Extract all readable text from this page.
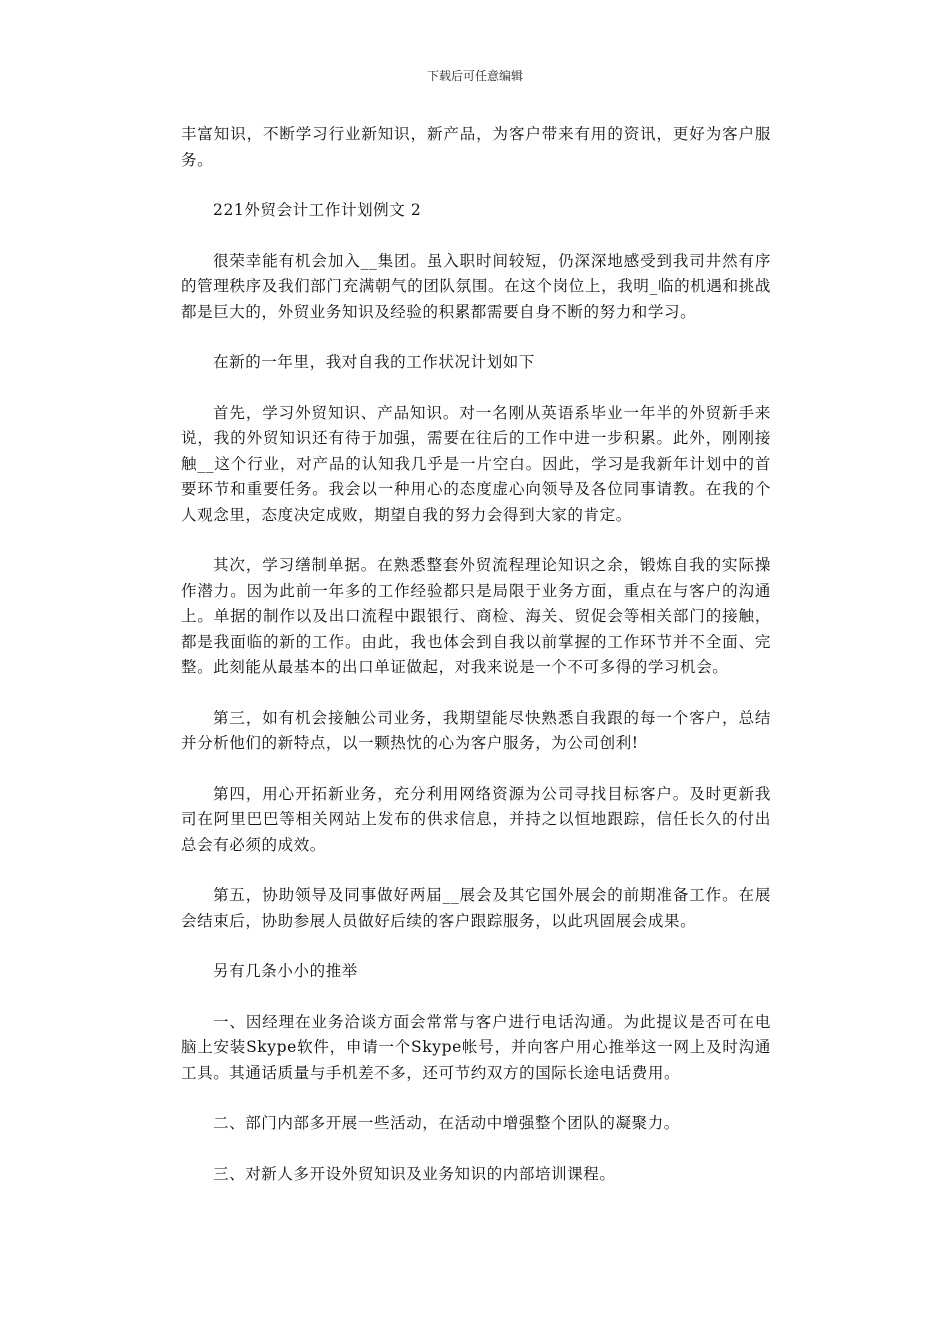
下载后可任意编辑

丰富知识，不断学习行业新知识，新产品，为客户带来有用的资讯，更好为客户服务。

221外贸会计工作计划例文 2

很荣幸能有机会加入__集团。虽入职时间较短，仍深深地感受到我司井然有序的管理秩序及我们部门充满朝气的团队氛围。在这个岗位上，我明_临的机遇和挑战都是巨大的，外贸业务知识及经验的积累都需要自身不断的努力和学习。

在新的一年里，我对自我的工作状况计划如下

首先，学习外贸知识、产品知识。对一名刚从英语系毕业一年半的外贸新手来说，我的外贸知识还有待于加强，需要在往后的工作中进一步积累。此外，刚刚接触__这个行业，对产品的认知我几乎是一片空白。因此，学习是我新年计划中的首要环节和重要任务。我会以一种用心的态度虚心向领导及各位同事请教。在我的个人观念里，态度决定成败，期望自我的努力会得到大家的肯定。

其次，学习缮制单据。在熟悉整套外贸流程理论知识之余，锻炼自我的实际操作潜力。因为此前一年多的工作经验都只是局限于业务方面，重点在与客户的沟通上。单据的制作以及出口流程中跟银行、商检、海关、贸促会等相关部门的接触，都是我面临的新的工作。由此，我也体会到自我以前掌握的工作环节并不全面、完整。此刻能从最基本的出口单证做起，对我来说是一个不可多得的学习机会。

第三，如有机会接触公司业务，我期望能尽快熟悉自我跟的每一个客户，总结并分析他们的新特点，以一颗热忱的心为客户服务，为公司创利!

第四，用心开拓新业务，充分利用网络资源为公司寻找目标客户。及时更新我司在阿里巴巴等相关网站上发布的供求信息，并持之以恒地跟踪，信任长久的付出总会有必须的成效。

第五，协助领导及同事做好两届__展会及其它国外展会的前期准备工作。在展会结束后，协助参展人员做好后续的客户跟踪服务，以此巩固展会成果。

另有几条小小的推举

一、因经理在业务洽谈方面会常常与客户进行电话沟通。为此提议是否可在电脑上安装Skype软件，申请一个Skype帐号，并向客户用心推举这一网上及时沟通工具。其通话质量与手机差不多，还可节约双方的国际长途电话费用。

二、部门内部多开展一些活动，在活动中增强整个团队的凝聚力。

三、对新人多开设外贸知识及业务知识的内部培训课程。
